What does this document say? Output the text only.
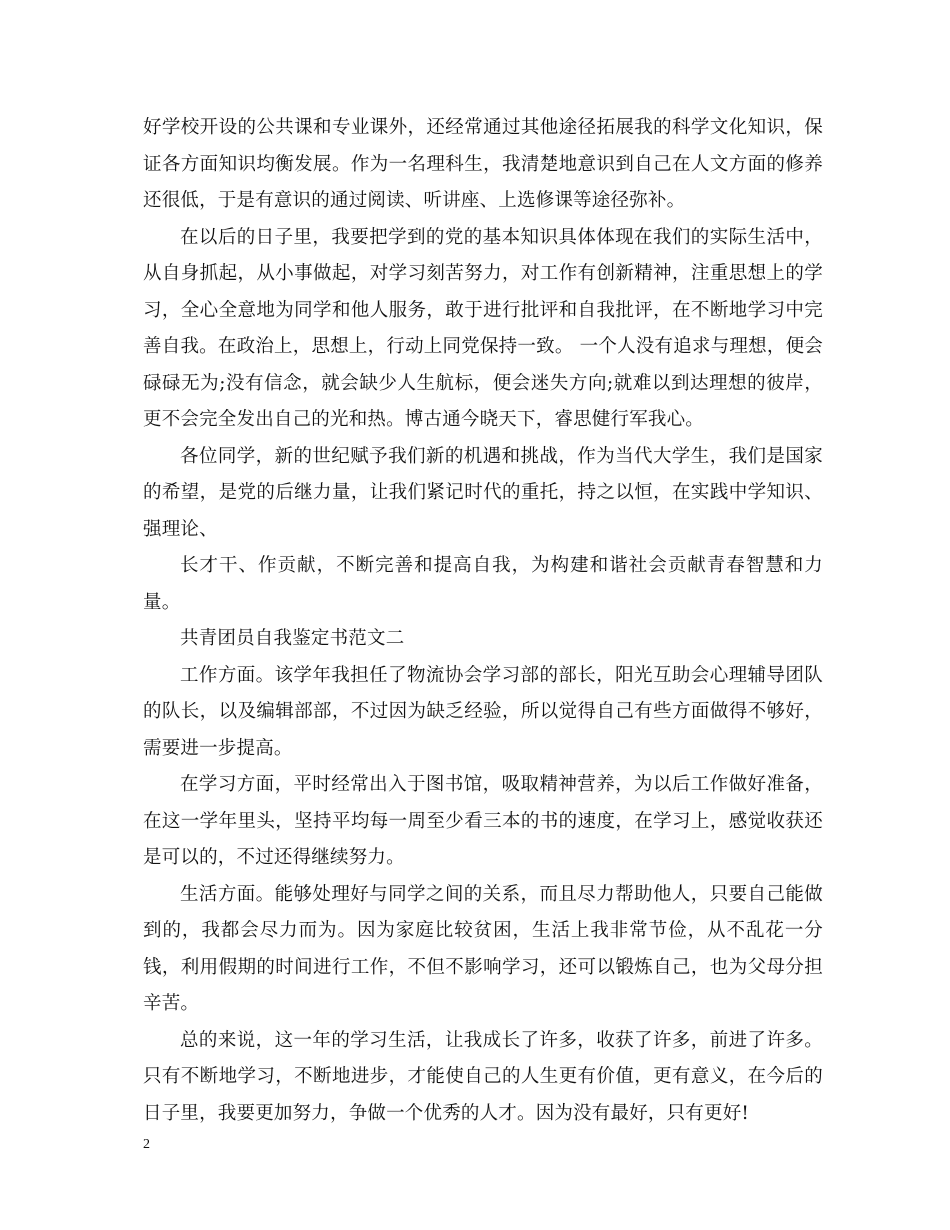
好学校开设的公共课和专业课外，还经常通过其他途径拓展我的科学文化知识，保证各方面知识均衡发展。作为一名理科生，我清楚地意识到自己在人文方面的修养还很低，于是有意识的通过阅读、听讲座、上选修课等途径弥补。

在以后的日子里，我要把学到的党的基本知识具体体现在我们的实际生活中，从自身抓起，从小事做起，对学习刻苦努力，对工作有创新精神，注重思想上的学习，全心全意地为同学和他人服务，敢于进行批评和自我批评，在不断地学习中完善自我。在政治上，思想上，行动上同党保持一致。 一个人没有追求与理想，便会碌碌无为;没有信念，就会缺少人生航标，便会迷失方向;就难以到达理想的彼岸，更不会完全发出自己的光和热。博古通今晓天下，睿思健行军我心。

各位同学，新的世纪赋予我们新的机遇和挑战，作为当代大学生，我们是国家的希望，是党的后继力量，让我们紧记时代的重托，持之以恒，在实践中学知识、强理论、

长才干、作贡献，不断完善和提高自我，为构建和谐社会贡献青春智慧和力量。

共青团员自我鉴定书范文二

工作方面。该学年我担任了物流协会学习部的部长，阳光互助会心理辅导团队的队长，以及编辑部部，不过因为缺乏经验，所以觉得自己有些方面做得不够好，需要进一步提高。

在学习方面，平时经常出入于图书馆，吸取精神营养，为以后工作做好准备，在这一学年里头，坚持平均每一周至少看三本的书的速度，在学习上，感觉收获还是可以的，不过还得继续努力。

生活方面。能够处理好与同学之间的关系，而且尽力帮助他人，只要自己能做到的，我都会尽力而为。因为家庭比较贫困，生活上我非常节俭，从不乱花一分钱，利用假期的时间进行工作，不但不影响学习，还可以锻炼自己，也为父母分担辛苦。

总的来说，这一年的学习生活，让我成长了许多，收获了许多，前进了许多。只有不断地学习，不断地进步，才能使自己的人生更有价值，更有意义，在今后的日子里，我要更加努力，争做一个优秀的人才。因为没有最好，只有更好!

2
